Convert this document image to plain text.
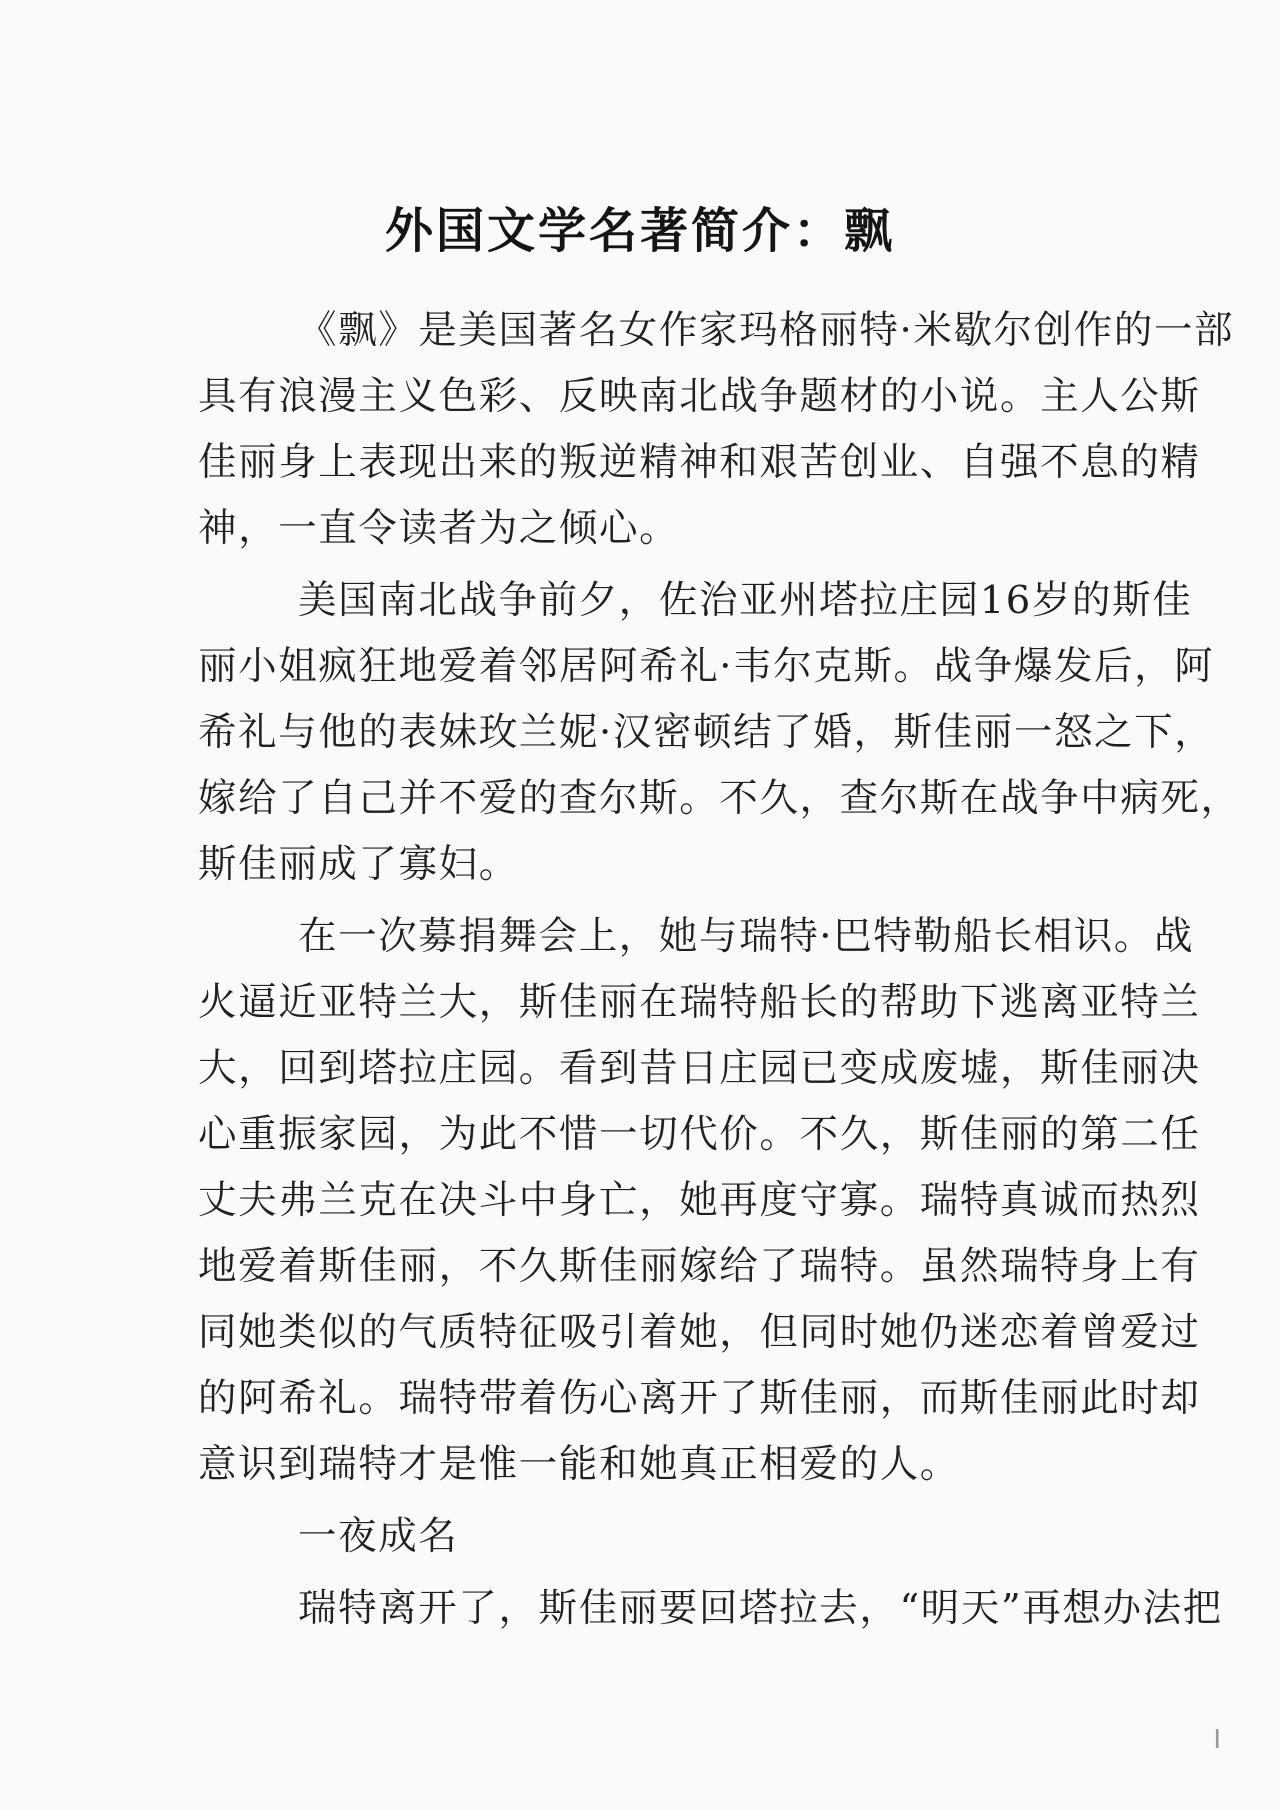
外国文学名著简介：飘
《飘》是美国著名女作家玛格丽特·米歇尔创作的一部
具有浪漫主义色彩、反映南北战争题材的小说。主人公斯
佳丽身上表现出来的叛逆精神和艰苦创业、自强不息的精
神，一直令读者为之倾心。
美国南北战争前夕，佐治亚州塔拉庄园16岁的斯佳
丽小姐疯狂地爱着邻居阿希礼·韦尔克斯。战争爆发后，阿
希礼与他的表妹玫兰妮·汉密顿结了婚，斯佳丽一怒之下，
嫁给了自己并不爱的查尔斯。不久，查尔斯在战争中病死，
斯佳丽成了寡妇。
在一次募捐舞会上，她与瑞特·巴特勒船长相识。战
火逼近亚特兰大，斯佳丽在瑞特船长的帮助下逃离亚特兰
大，回到塔拉庄园。看到昔日庄园已变成废墟，斯佳丽决
心重振家园，为此不惜一切代价。不久，斯佳丽的第二任
丈夫弗兰克在决斗中身亡，她再度守寡。瑞特真诚而热烈
地爱着斯佳丽，不久斯佳丽嫁给了瑞特。虽然瑞特身上有
同她类似的气质特征吸引着她，但同时她仍迷恋着曾爱过
的阿希礼。瑞特带着伤心离开了斯佳丽，而斯佳丽此时却
意识到瑞特才是惟一能和她真正相爱的人。
一夜成名
瑞特离开了，斯佳丽要回塔拉去，“明天”再想办法把
I
